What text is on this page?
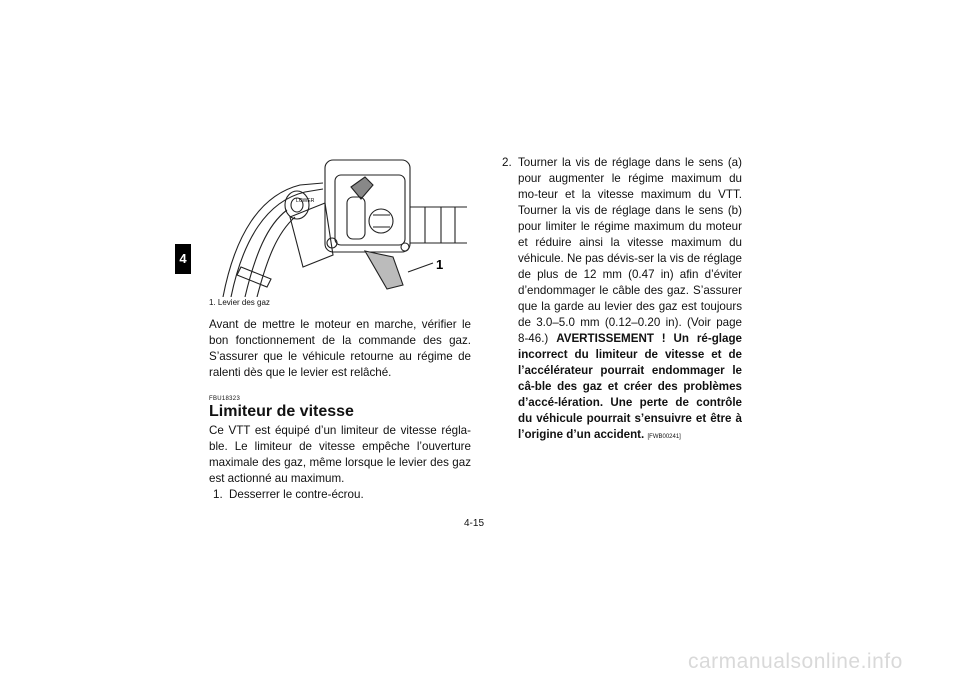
4
LOWER
1
1. Levier des gaz
Avant de mettre le moteur en marche, vérifier le bon fonctionnement de la commande des gaz. S’assurer que le véhicule retourne au régime de ralenti dès que le levier est relâché.
FBU18323
Limiteur de vitesse
Ce VTT est équipé d’un limiteur de vitesse régla-ble. Le limiteur de vitesse empêche l’ouverture maximale des gaz, même lorsque le levier des gaz est actionné au maximum.

1. Desserrer le contre-écrou.

2. Tourner la vis de réglage dans le sens (a) pour augmenter le régime maximum du mo-teur et la vitesse maximum du VTT. Tourner la vis de réglage dans le sens (b) pour limiter le régime maximum du moteur et réduire ainsi la vitesse maximum du véhicule. Ne pas dévis-ser la vis de réglage de plus de 12 mm (0.47 in) afin d’éviter d’endommager le câble des gaz. S’assurer que la garde au levier des gaz est toujours de 3.0–5.0 mm (0.12–0.20 in). (Voir page 8-46.) AVERTISSEMENT ! Un ré-glage incorrect du limiteur de vitesse et de l’accélérateur pourrait endommager le câ-ble des gaz et créer des problèmes d’accé-lération. Une perte de contrôle du véhicule pourrait s’ensuivre et être à l’origine d’un accident. [FWB00241]

4-15
carmanualsonline.info
